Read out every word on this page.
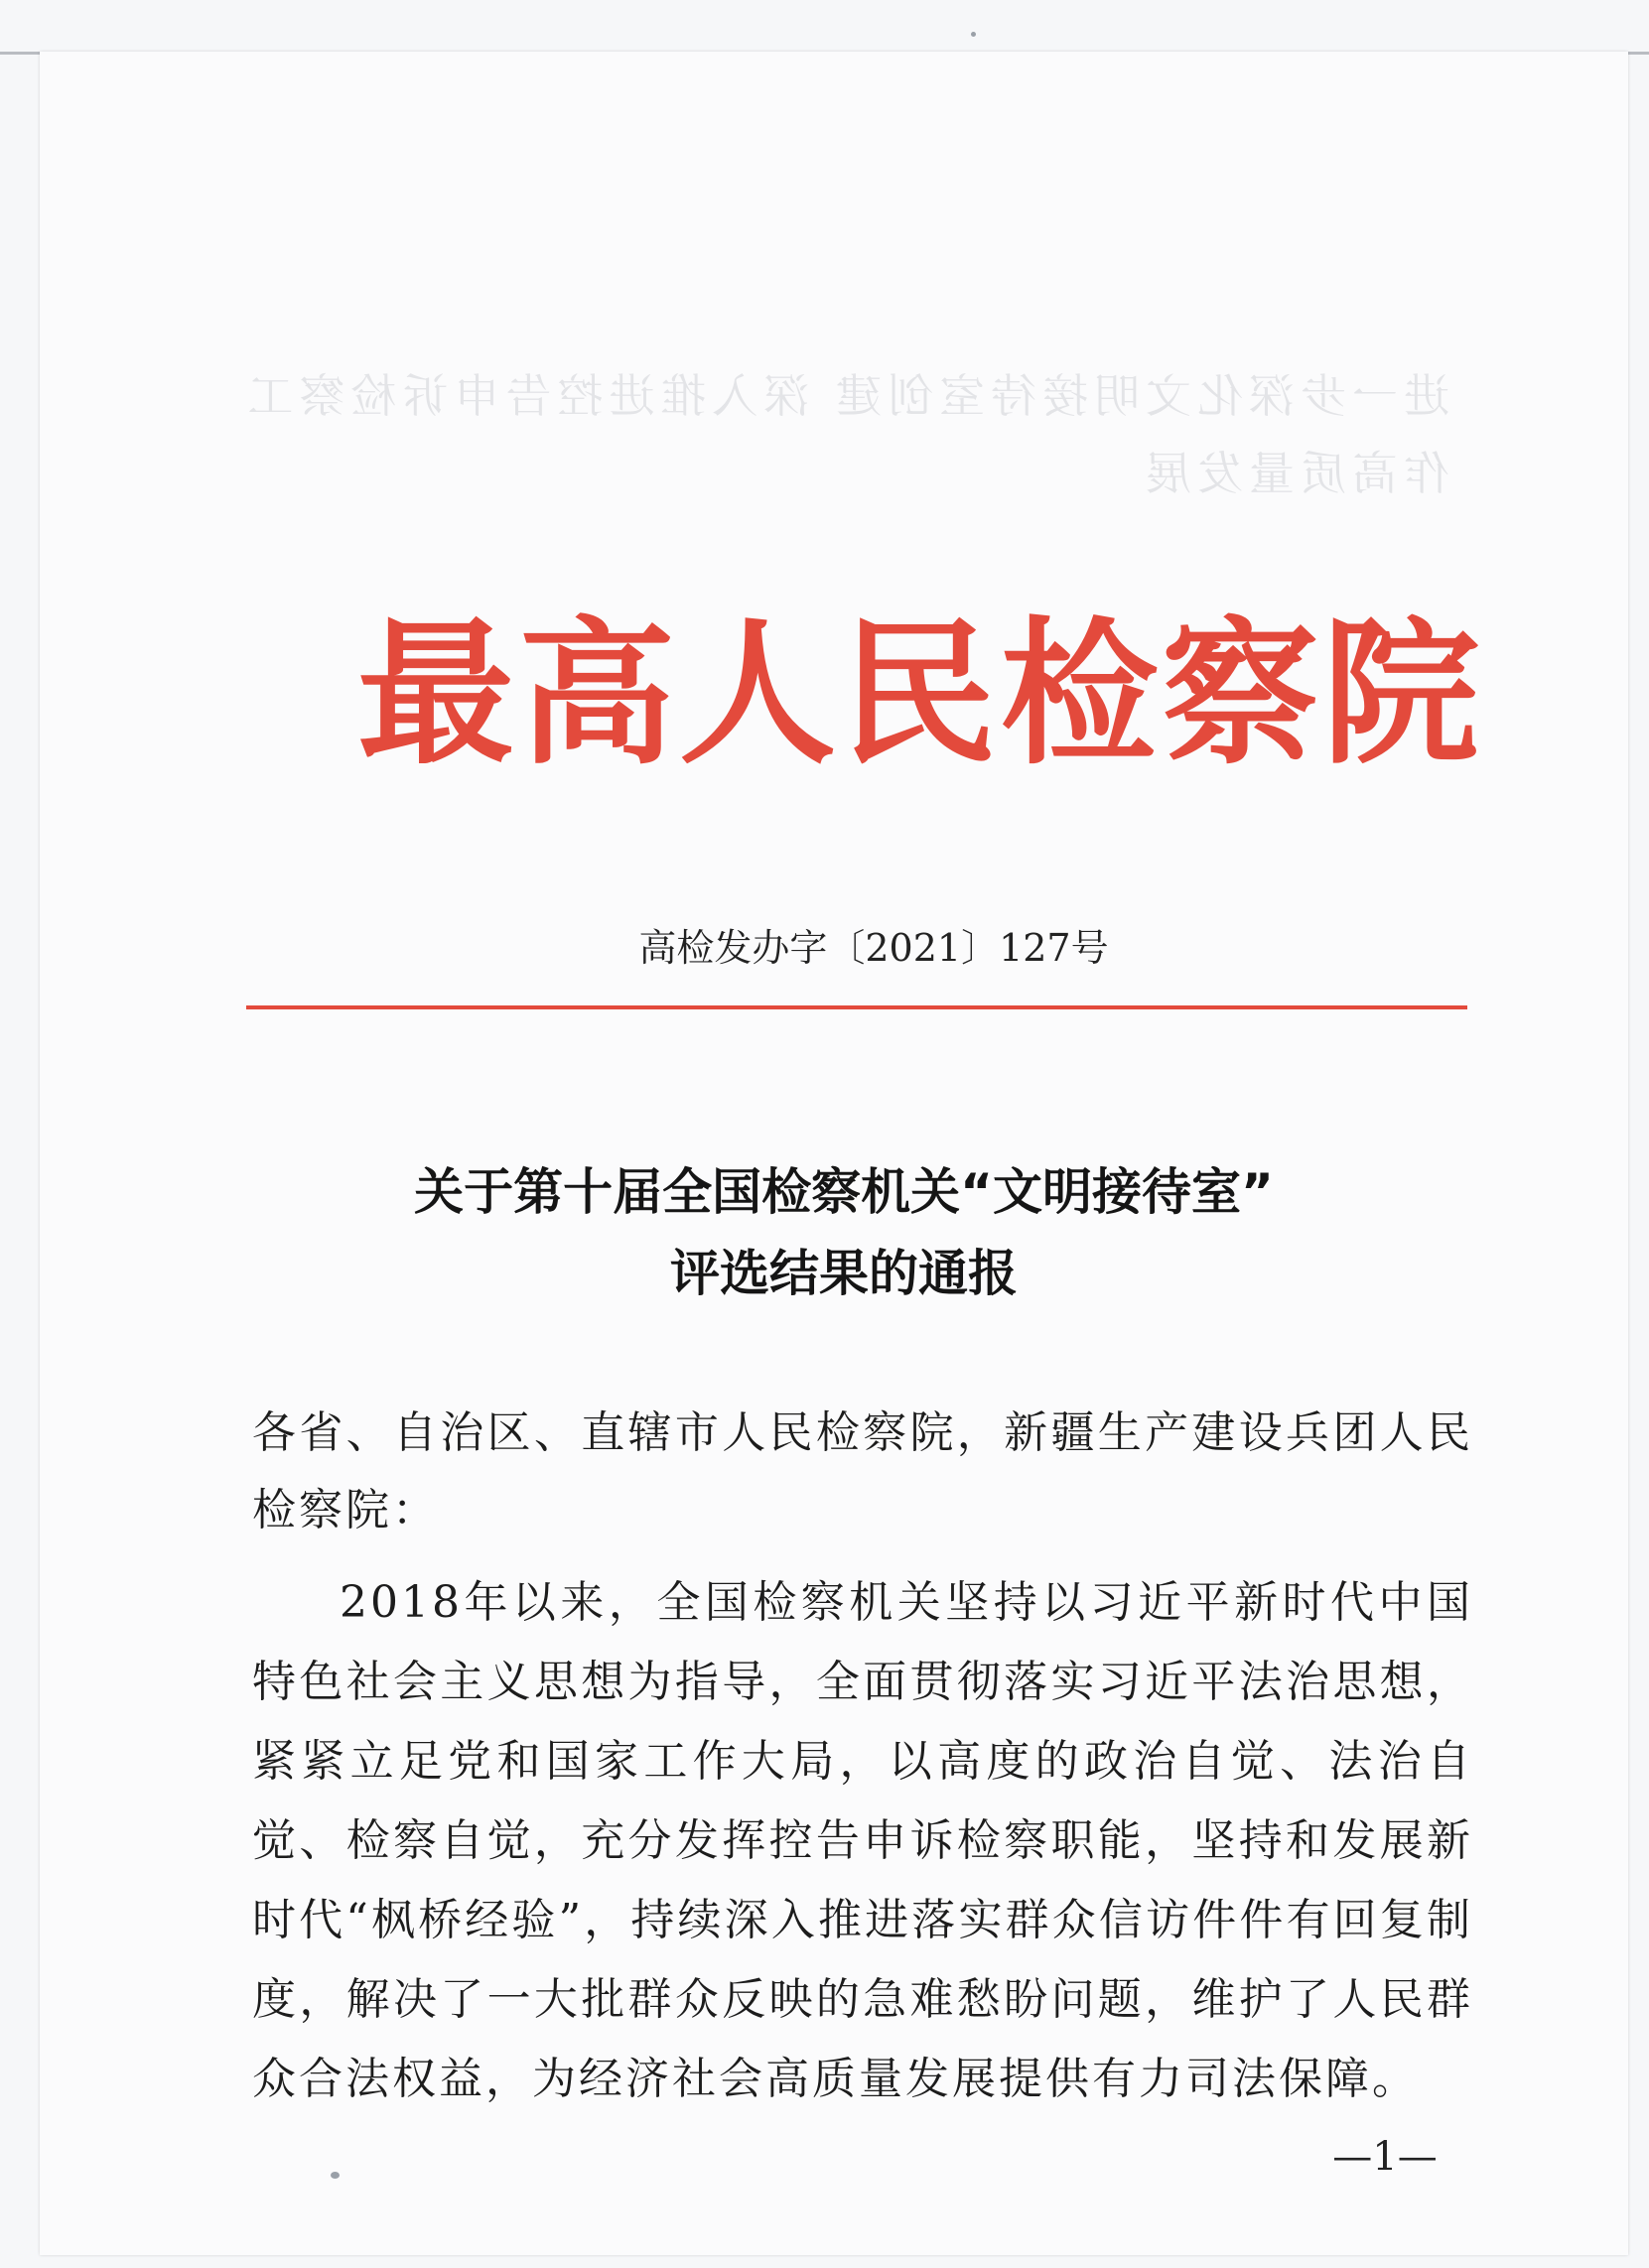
最高人民检察院
高检发办字〔2021〕127号
关于第十届全国检察机关“文明接待室”
评选结果的通报
各省、自治区、直辖市人民检察院，新疆生产建设兵团人民检察院：
2018年以来，全国检察机关坚持以习近平新时代中国特色社会主义思想为指导，全面贯彻落实习近平法治思想，紧紧立足党和国家工作大局，以高度的政治自觉、法治自觉、检察自觉，充分发挥控告申诉检察职能，坚持和发展新时代“枫桥经验”，持续深入推进落实群众信访件件有回复制度，解决了一大批群众反映的急难愁盼问题，维护了人民群众合法权益，为经济社会高质量发展提供有力司法保障。
—1—
